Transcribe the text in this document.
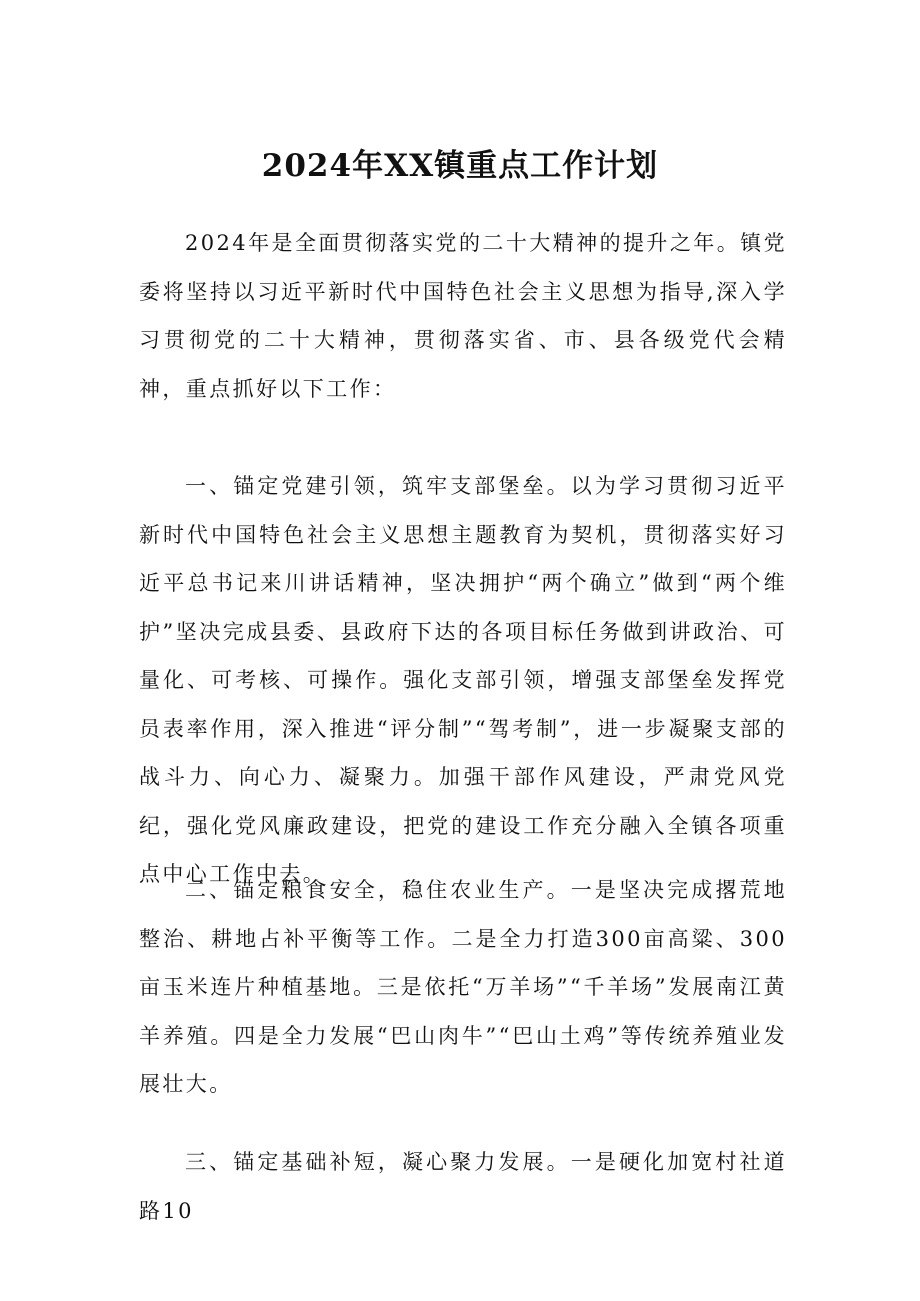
2024年XX镇重点工作计划

2024年是全面贯彻落实党的二十大精神的提升之年。镇党委将坚持以习近平新时代中国特色社会主义思想为指导,深入学习贯彻党的二十大精神，贯彻落实省、市、县各级党代会精神，重点抓好以下工作：

一、锚定党建引领，筑牢支部堡垒。以为学习贯彻习近平新时代中国特色社会主义思想主题教育为契机，贯彻落实好习近平总书记来川讲话精神，坚决拥护“两个确立”做到“两个维护”坚决完成县委、县政府下达的各项目标任务做到讲政治、可量化、可考核、可操作。强化支部引领，增强支部堡垒发挥党员表率作用，深入推进“评分制”“驾考制”，进一步凝聚支部的战斗力、向心力、凝聚力。加强干部作风建设，严肃党风党纪，强化党风廉政建设，把党的建设工作充分融入全镇各项重点中心工作中去。

二、锚定粮食安全，稳住农业生产。一是坚决完成撂荒地整治、耕地占补平衡等工作。二是全力打造300亩高粱、300亩玉米连片种植基地。三是依托“万羊场”“千羊场”发展南江黄羊养殖。四是全力发展“巴山肉牛”“巴山土鸡”等传统养殖业发展壮大。

三、锚定基础补短，凝心聚力发展。一是硬化加宽村社道路10
